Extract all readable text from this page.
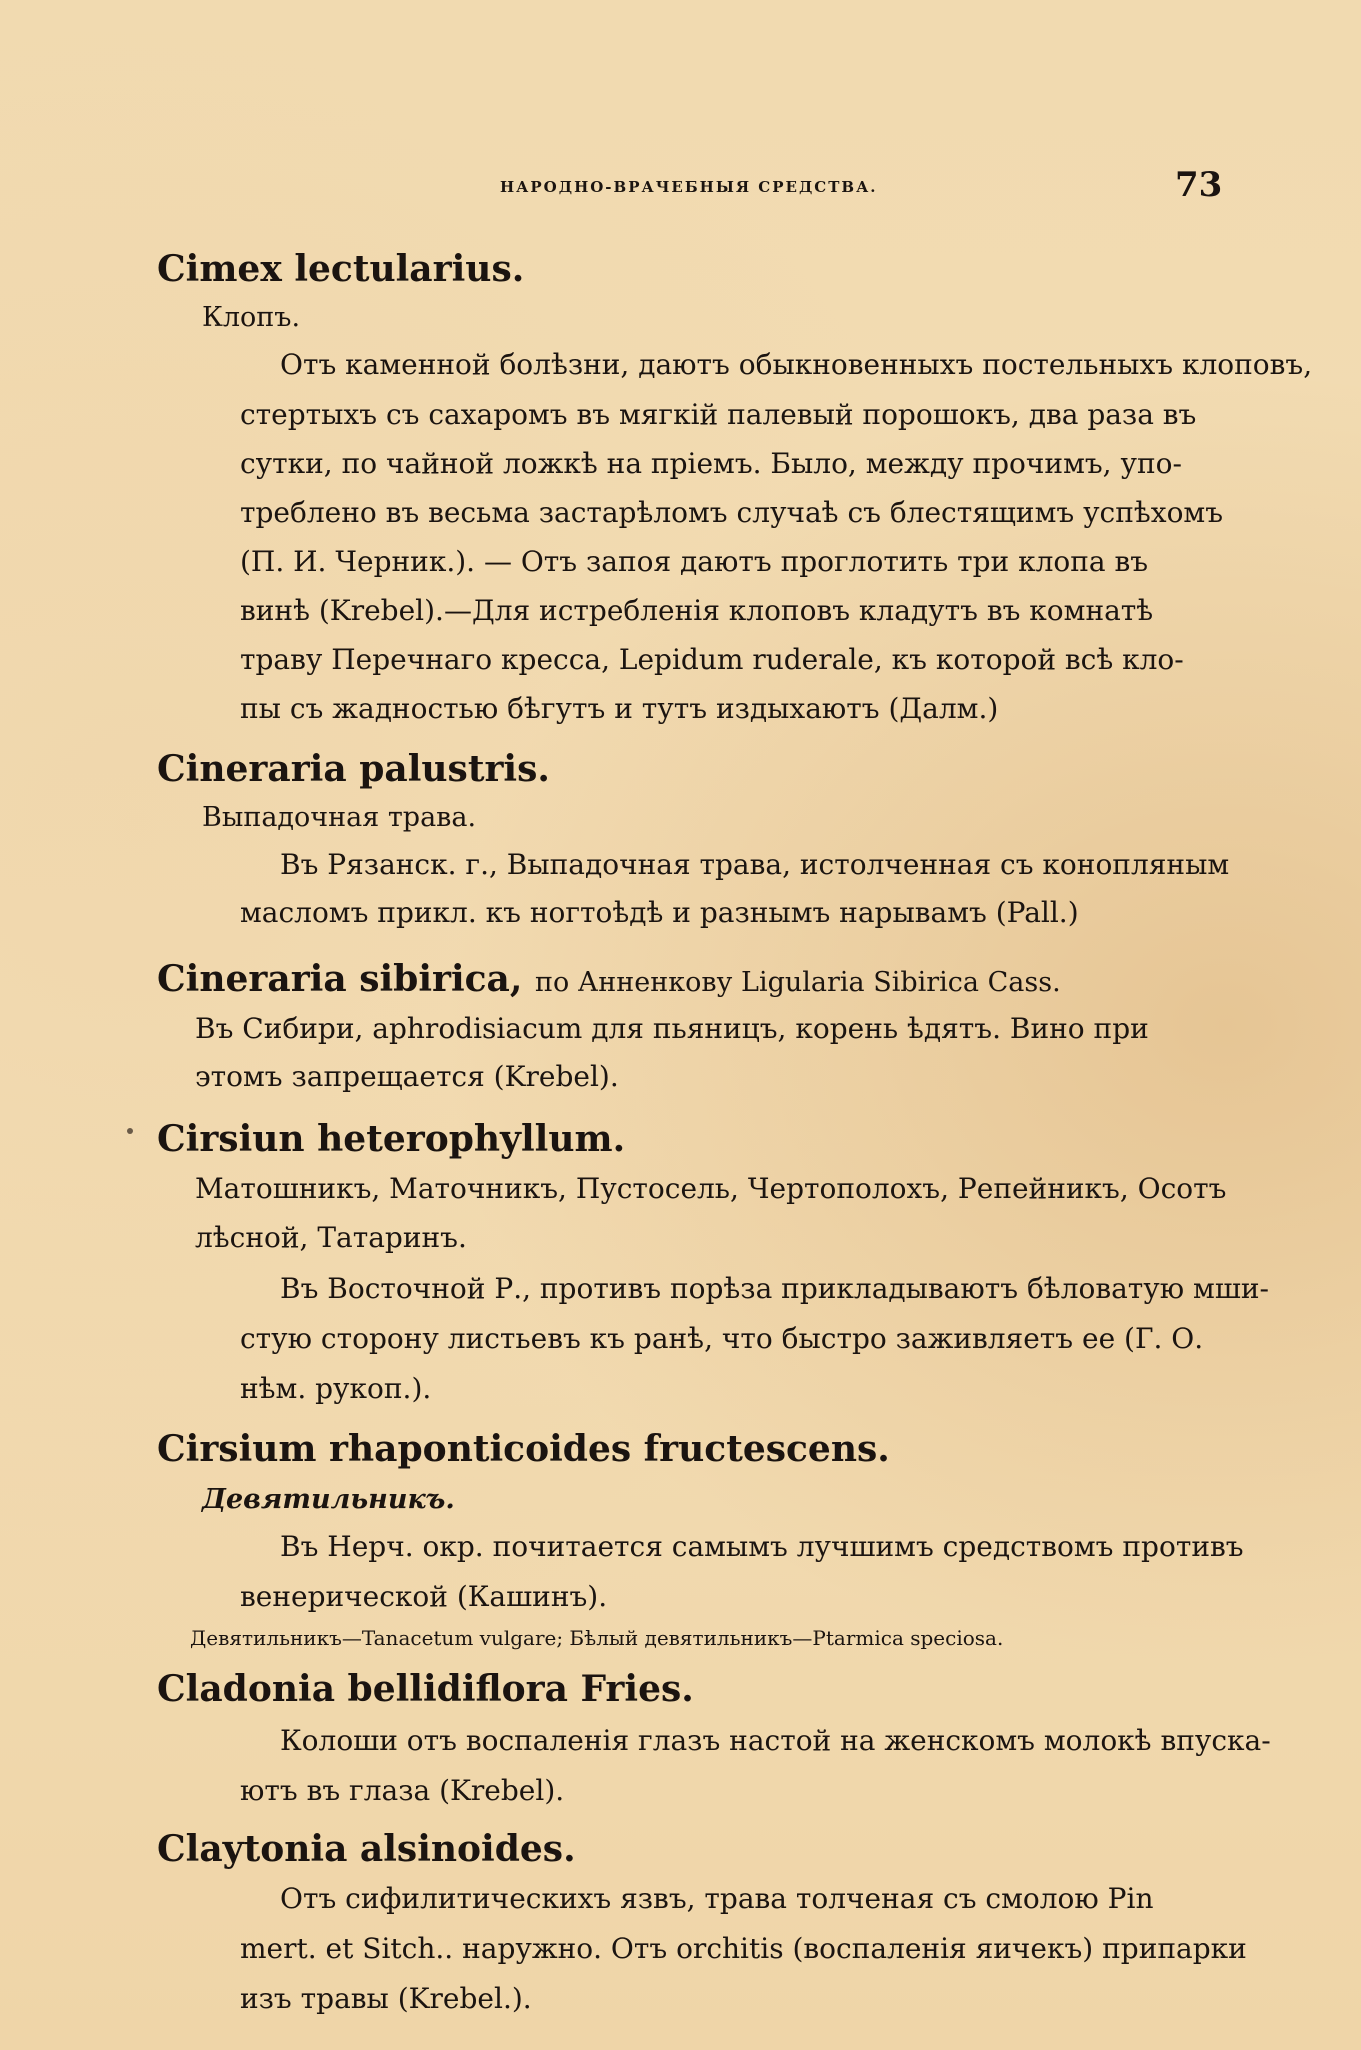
НАРОДНО-ВРАЧЕБНЫЯ СРЕДСТВА.	73
Cimex lectularius.
Клопъ.
Отъ каменной болѣзни, даютъ обыкновенныхъ постельныхъ клоповъ,
стертыхъ съ сахаромъ въ мягкій палевый порошокъ, два раза въ
сутки, по чайной ложкѣ на пріемъ. Было, между прочимъ, упо-
треблено въ весьма застарѣломъ случаѣ съ блестящимъ успѣхомъ
(П. И. Черник.). — Отъ запоя даютъ проглотить три клопа въ
винѣ (Krebel).—Для истребленія клоповъ кладутъ въ комнатѣ
траву Перечнаго кресса, Lepidum ruderale, къ которой всѣ кло-
пы съ жадностью бѣгутъ и тутъ издыхаютъ (Далм.)
Cineraria palustris.
Выпадочная трава.
Въ Рязанск. г., Выпадочная трава, истолченная съ конопляным
масломъ прикл. къ ногтоѣдѣ и разнымъ нарывамъ (Pall.)
Cineraria sibirica, по Анненкову Ligularia Sibirica Cass.
Въ Сибири, aphrodisiacum для пьяницъ, корень ѣдятъ. Вино при
этомъ запрещается (Krebel).
Cirsiun heterophyllum.
Матошникъ, Маточникъ, Пустосель, Чертополохъ, Репейникъ, Осотъ
лѣсной, Татаринъ.
Въ Восточной Р., противъ порѣза прикладываютъ бѣловатую мши-
стую сторону листьевъ къ ранѣ, что быстро заживляетъ ее (Г. О.
нѣм. рукоп.).
Cirsium rhaponticoides fructescens.
Девятильникъ.
Въ Нерч. окр. почитается самымъ лучшимъ средствомъ противъ
венерической (Кашинъ).
Девятильникъ—Tanacetum vulgare; Бѣлый девятильникъ—Ptarmica speciosa.
Cladonia bellidiflora Fries.
Колоши отъ воспаленія глазъ настой на женскомъ молокѣ впуска-
ютъ въ глаза (Krebel).
Claytonia alsinoides.
Отъ сифилитическихъ язвъ, трава толченая съ смолою Pin
mert. et Sitch.. наружно. Отъ orchitis (воспаленія яичекъ) припарки
изъ травы (Krebel.).
